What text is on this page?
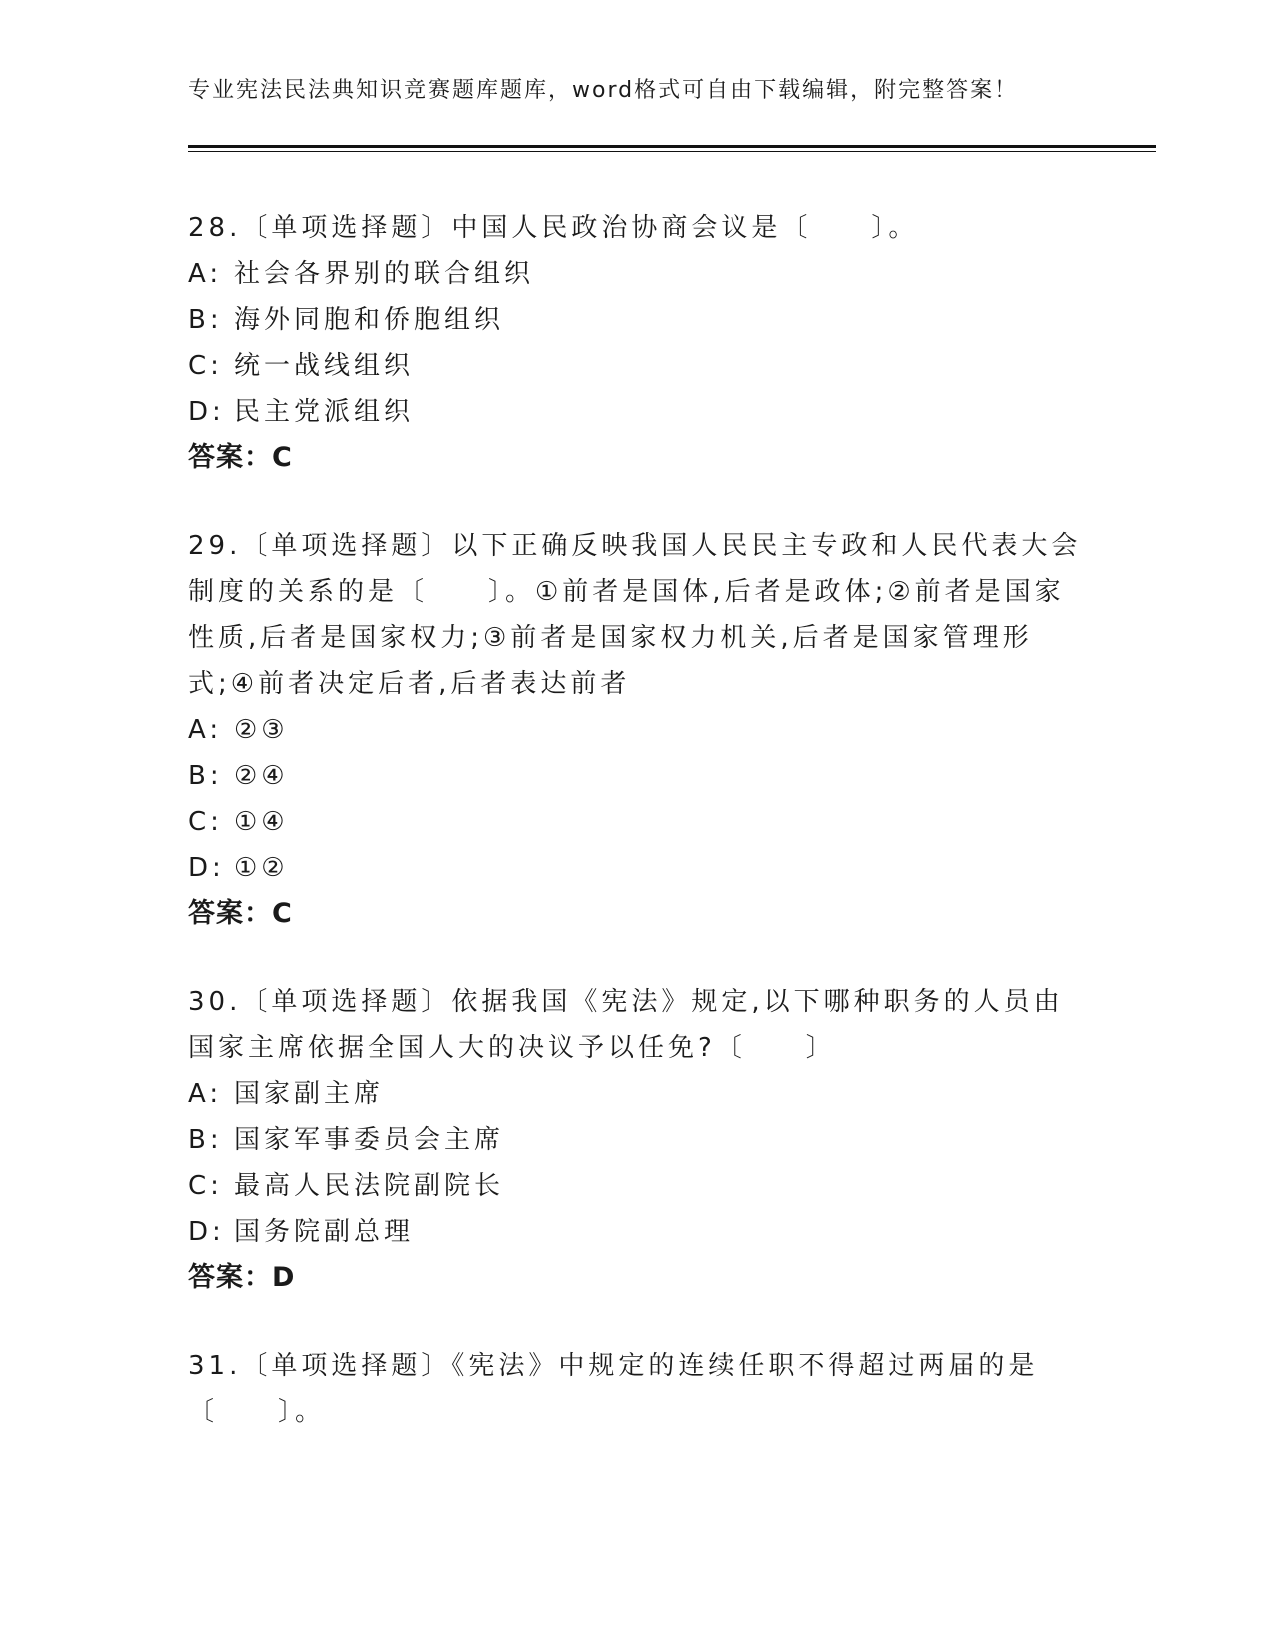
专业宪法民法典知识竞赛题库题库，word格式可自由下载编辑，附完整答案！

28.〔单项选择题〕中国人民政治协商会议是〔　　〕。

A: 社会各界别的联合组织

B: 海外同胞和侨胞组织

C: 统一战线组织

D: 民主党派组织

答案：C

29.〔单项选择题〕以下正确反映我国人民民主专政和人民代表大会制度的关系的是〔　　〕。①前者是国体,后者是政体;②前者是国家性质,后者是国家权力;③前者是国家权力机关,后者是国家管理形式;④前者决定后者,后者表达前者

A: ②③

B: ②④

C: ①④

D: ①②

答案：C

30.〔单项选择题〕依据我国《宪法》规定,以下哪种职务的人员由国家主席依据全国人大的决议予以任免?〔　　〕

A: 国家副主席

B: 国家军事委员会主席

C: 最高人民法院副院长

D: 国务院副总理

答案：D

31.〔单项选择题〕《宪法》中规定的连续任职不得超过两届的是〔　　〕。
